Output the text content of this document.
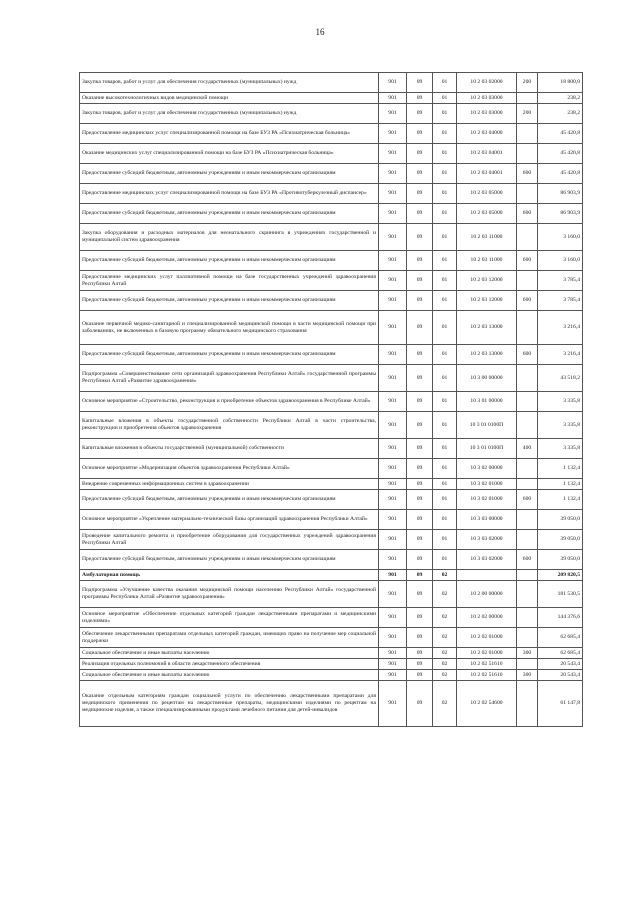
16
Закупка товаров, работ и услуг для обеспечения государственных (муниципальных) нужд	901	09	01	10 2 03 02000	200	18 800,0
Оказание высокотехнологичных видов медицинской помощи	901	09	01	10 2 03 03000		238,2
Закупка товаров, работ и услуг для обеспечения государственных (муниципальных) нужд	901	09	01	10 2 03 03000	200	238,2
Предоставление медицинских услуг специализированной помощи на базе БУЗ РА «Психиатрическая больница»	901	09	01	10 2 03 04000		45 420,8
Оказание медицинских услуг специализированной помощи на базе БУЗ РА «Психиатрическая больница»	901	09	01	10 2 03 04001		45 420,8
Предоставление субсидий бюджетным, автономным учреждениям и иным некоммерческим организациям	901	09	01	10 2 03 04001	600	45 420,8
Предоставление медицинских услуг специализированной помощи на базе БУЗ РА «Противотуберкулезный диспансер»	901	09	01	10 2 03 05000		86 903,9
Предоставление субсидий бюджетным, автономным учреждениям и иным некоммерческим организациям	901	09	01	10 2 03 05000	600	86 903,9
Закупка оборудования и расходных материалов для неонатального скрининга в учреждениях государственной и муниципальной систем здравоохранения	901	09	01	10 2 03 11000		3 160,0
Предоставление субсидий бюджетным, автономным учреждениям и иным некоммерческим организациям	901	09	01	10 2 03 11000	600	3 160,0
Предоставление медицинских услуг паллиативной помощи на базе государственных учреждений здравоохранения Республики Алтай	901	09	01	10 2 03 12000		3 785,4
Предоставление субсидий бюджетным, автономным учреждениям и иным некоммерческим организациям	901	09	01	10 2 03 12000	600	3 785,4
Оказание первичной медико-санитарной и специализированной медицинской помощи в части медицинской помощи при заболеваниях, не включенных в базовую программу обязательного медицинского страхования	901	09	01	10 2 03 13000		3 216,4
Предоставление субсидий бюджетным, автономным учреждениям и иным некоммерческим организациям	901	09	01	10 2 03 13000	600	3 216,4
Подпрограмма «Совершенствование сети организаций здравоохранения Республики Алтай» государственной программы Республики Алтай «Развитие здравоохранения»	901	09	01	10 3 00 00000		43 518,2
Основное мероприятие «Строительство, реконструкция и приобретение объектов здравоохранения в Республике Алтай»	901	09	01	10 3 01 00000		3 335,8
Капитальные вложения в объекты государственной собственности Республики Алтай в части строительства, реконструкции и приобретения объектов здравоохранения	901	09	01	10 3 01 0100П		3 335,8
Капитальные вложения в объекты государственной (муниципальной) собственности	901	09	01	10 3 01 0100П	400	3 335,8
Основное мероприятие «Модернизация объектов здравоохранения Республики Алтай»	901	09	01	10 3 02 00000		1 132,4
Внедрение современных информационных систем в здравоохранении	901	09	01	10 3 02 01000		1 132,4
Предоставление субсидий бюджетным, автономным учреждениям и иным некоммерческим организациям	901	09	01	10 3 02 01000	600	1 132,4
Основное мероприятие «Укрепление материально-технической базы организаций здравоохранения Республики Алтай»	901	09	01	10 3 03 00000		39 050,0
Проведение капитального ремонта и приобретение оборудования для государственных учреждений здравоохранения Республики Алтай	901	09	01	10 3 03 02000		39 050,0
Предоставление субсидий бюджетным, автономным учреждениям и иным некоммерческим организациям	901	09	01	10 3 03 02000	600	39 050,0
Амбулаторная помощь	901	09	02			209 820,5
Подпрограмма «Улучшение качества оказания медицинской помощи населению Республики Алтай» государственной программы Республики Алтай «Развитие здравоохранения»	901	09	02	10 2 00 00000		181 530,5
Основное мероприятие «Обеспечение отдельных категорий граждан лекарственными препаратами и медицинскими изделиями»	901	09	02	10 2 02 00000		144 376,6
Обеспечение лекарственными препаратами отдельных категорий граждан, имеющих право на получение мер социальной поддержки	901	09	02	10 2 02 01000		62 685,4
Социальное обеспечение и иные выплаты населению	901	09	02	10 2 02 01000	300	62 685,4
Реализация отдельных полномочий в области лекарственного обеспечения	901	09	02	10 2 02 51610		20 543,4
Социальное обеспечение и иные выплаты населению	901	09	02	10 2 02 51610	300	20 543,4
Оказание отдельным категориям граждан социальной услуги по обеспечению лекарственными препаратами для медицинского применения по рецептам на лекарственные препараты, медицинскими изделиями по рецептам на медицинские изделия, а также специализированными продуктами лечебного питания для детей-инвалидов	901	09	02	10 2 02 54600		61 147,8
